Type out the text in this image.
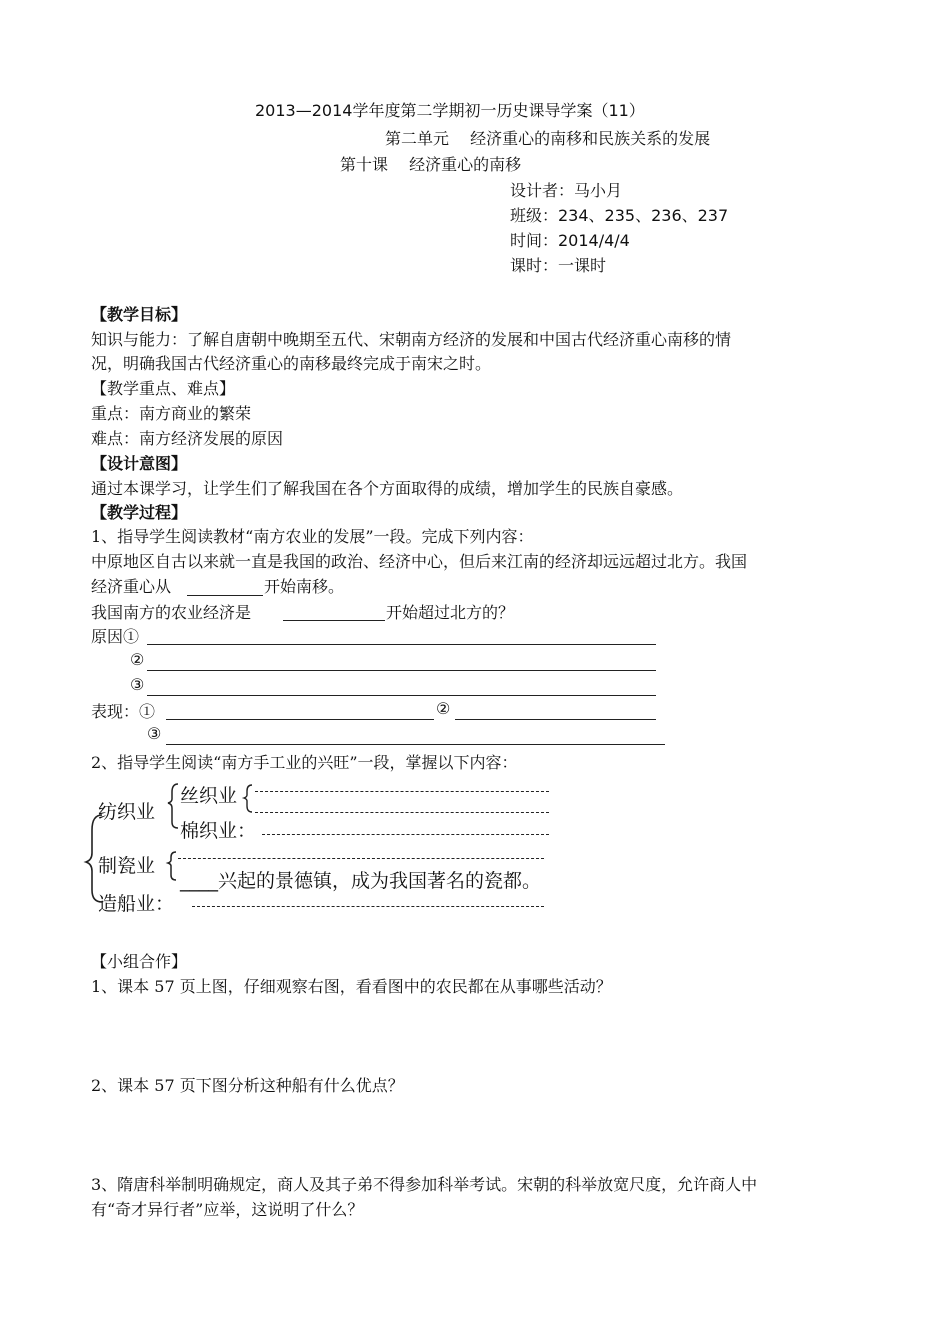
2013—2014学年度第二学期初一历史课导学案（11）
第二单元　 经济重心的南移和民族关系的发展
第十课　 经济重心的南移
设计者：马小月
班级：234、235、236、237
时间：2014/4/4
课时：一课时
【教学目标】
知识与能力：了解自唐朝中晚期至五代、宋朝南方经济的发展和中国古代经济重心南移的情
况，明确我国古代经济重心的南移最终完成于南宋之时。
【教学重点、难点】
重点：南方商业的繁荣
难点：南方经济发展的原因
【设计意图】
通过本课学习，让学生们了解我国在各个方面取得的成绩，增加学生的民族自豪感。
【教学过程】
1、指导学生阅读教材“南方农业的发展”一段。完成下列内容：
中原地区自古以来就一直是我国的政治、经济中心，但后来江南的经济却远远超过北方。我国
经济重心从	开始南移。
我国南方的农业经济是	开始超过北方的？
原因①
②
③
表现：①	②
③
2、指导学生阅读“南方手工业的兴旺”一段，掌握以下内容：
纺织业
丝织业
棉织业：
制瓷业
____兴起的景德镇，成为我国著名的瓷都。
造船业：
【小组合作】
1、课本 57 页上图，仔细观察右图，看看图中的农民都在从事哪些活动？
2、课本 57 页下图分析这种船有什么优点？
3、隋唐科举制明确规定，商人及其子弟不得参加科举考试。宋朝的科举放宽尺度，允许商人中
有“奇才异行者”应举，这说明了什么？
